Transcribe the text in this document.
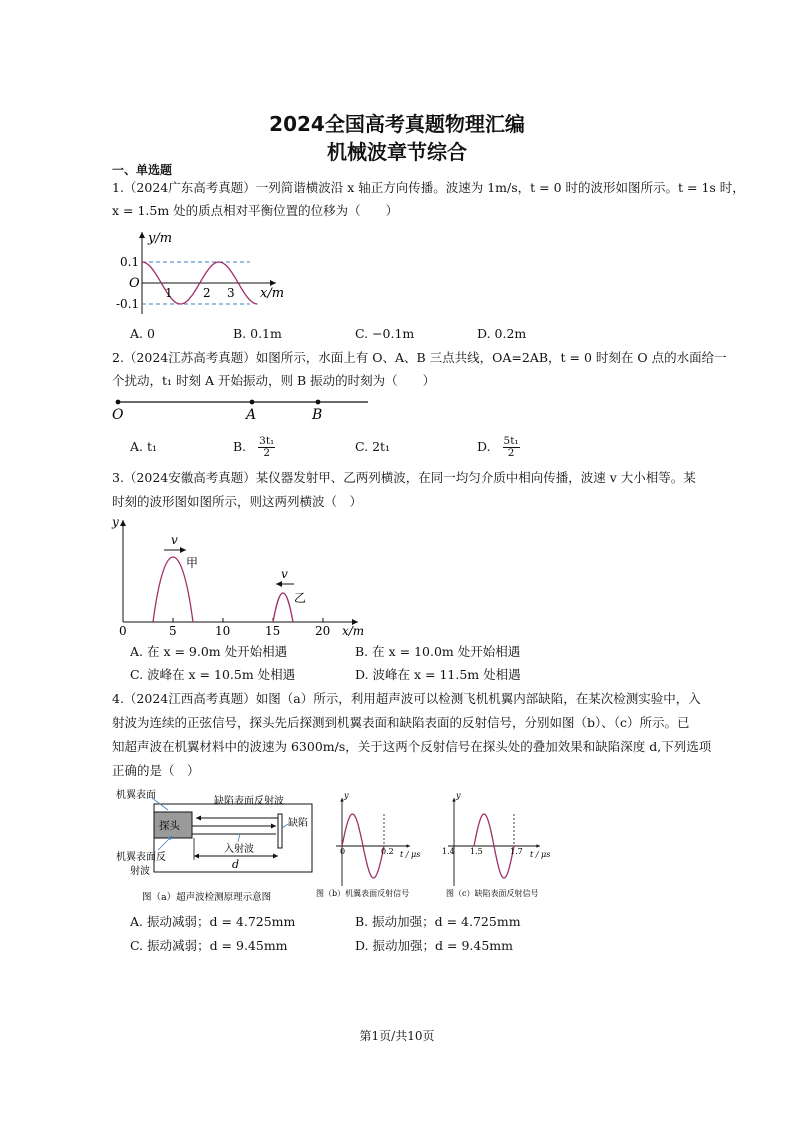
2024全国高考真题物理汇编
机械波章节综合
一、单选题
1.（2024广东高考真题）一列简谐横波沿 x 轴正方向传播。波速为 1m/s，t = 0 时的波形如图所示。t = 1s 时，
x = 1.5m 处的质点相对平衡位置的位移为（　　）
y/m
x/m
O
0.1
-0.1
1	2 3
A. 0	B. 0.1m	C. −0.1m	D. 0.2m
2.（2024江苏高考真题）如图所示，水面上有 O、A、B 三点共线，OA=2AB，t = 0 时刻在 O 点的水面给一
个扰动，t₁ 时刻 A 开始振动，则 B 振动的时刻为（　　）
O	A	B
A. t₁	B. $\frac{\text{3t₁}}{2}$	C. 2t₁	D. $\frac{\text{5t₁}}{2}$
3.（2024安徽高考真题）某仪器发射甲、乙两列横波，在同一均匀介质中相向传播，波速 v 大小相等。某
时刻的波形图如图所示，则这两列横波（　）
v
v
甲
乙
y
x/m
0	5	10	15	20
A. 在 x = 9.0m 处开始相遇	B. 在 x = 10.0m 处开始相遇
C. 波峰在 x = 10.5m 处相遇	D. 波峰在 x = 11.5m 处相遇
4.（2024江西高考真题）如图（a）所示，利用超声波可以检测飞机机翼内部缺陷，在某次检测实验中，入
射波为连续的正弦信号，探头先后探测到机翼表面和缺陷表面的反射信号，分别如图（b）、（c）所示。已
知超声波在机翼材料中的波速为 6300m/s，关于这两个反射信号在探头处的叠加效果和缺陷深度 d,下列选项
正确的是（　）
机翼表面
探头
缺陷表面反射波
缺陷
入射波
机翼表面反
射波
d
图（a）超声波检测原理示意图
y
t / μs
0	0.2
图（b）机翼表面反射信号
y
t / μs
1.4 1.5	1.7
图（c）缺陷表面反射信号
A. 振动减弱；d = 4.725mm	B. 振动加强；d = 4.725mm
C. 振动减弱；d = 9.45mm	D. 振动加强；d = 9.45mm
第1页/共10页
